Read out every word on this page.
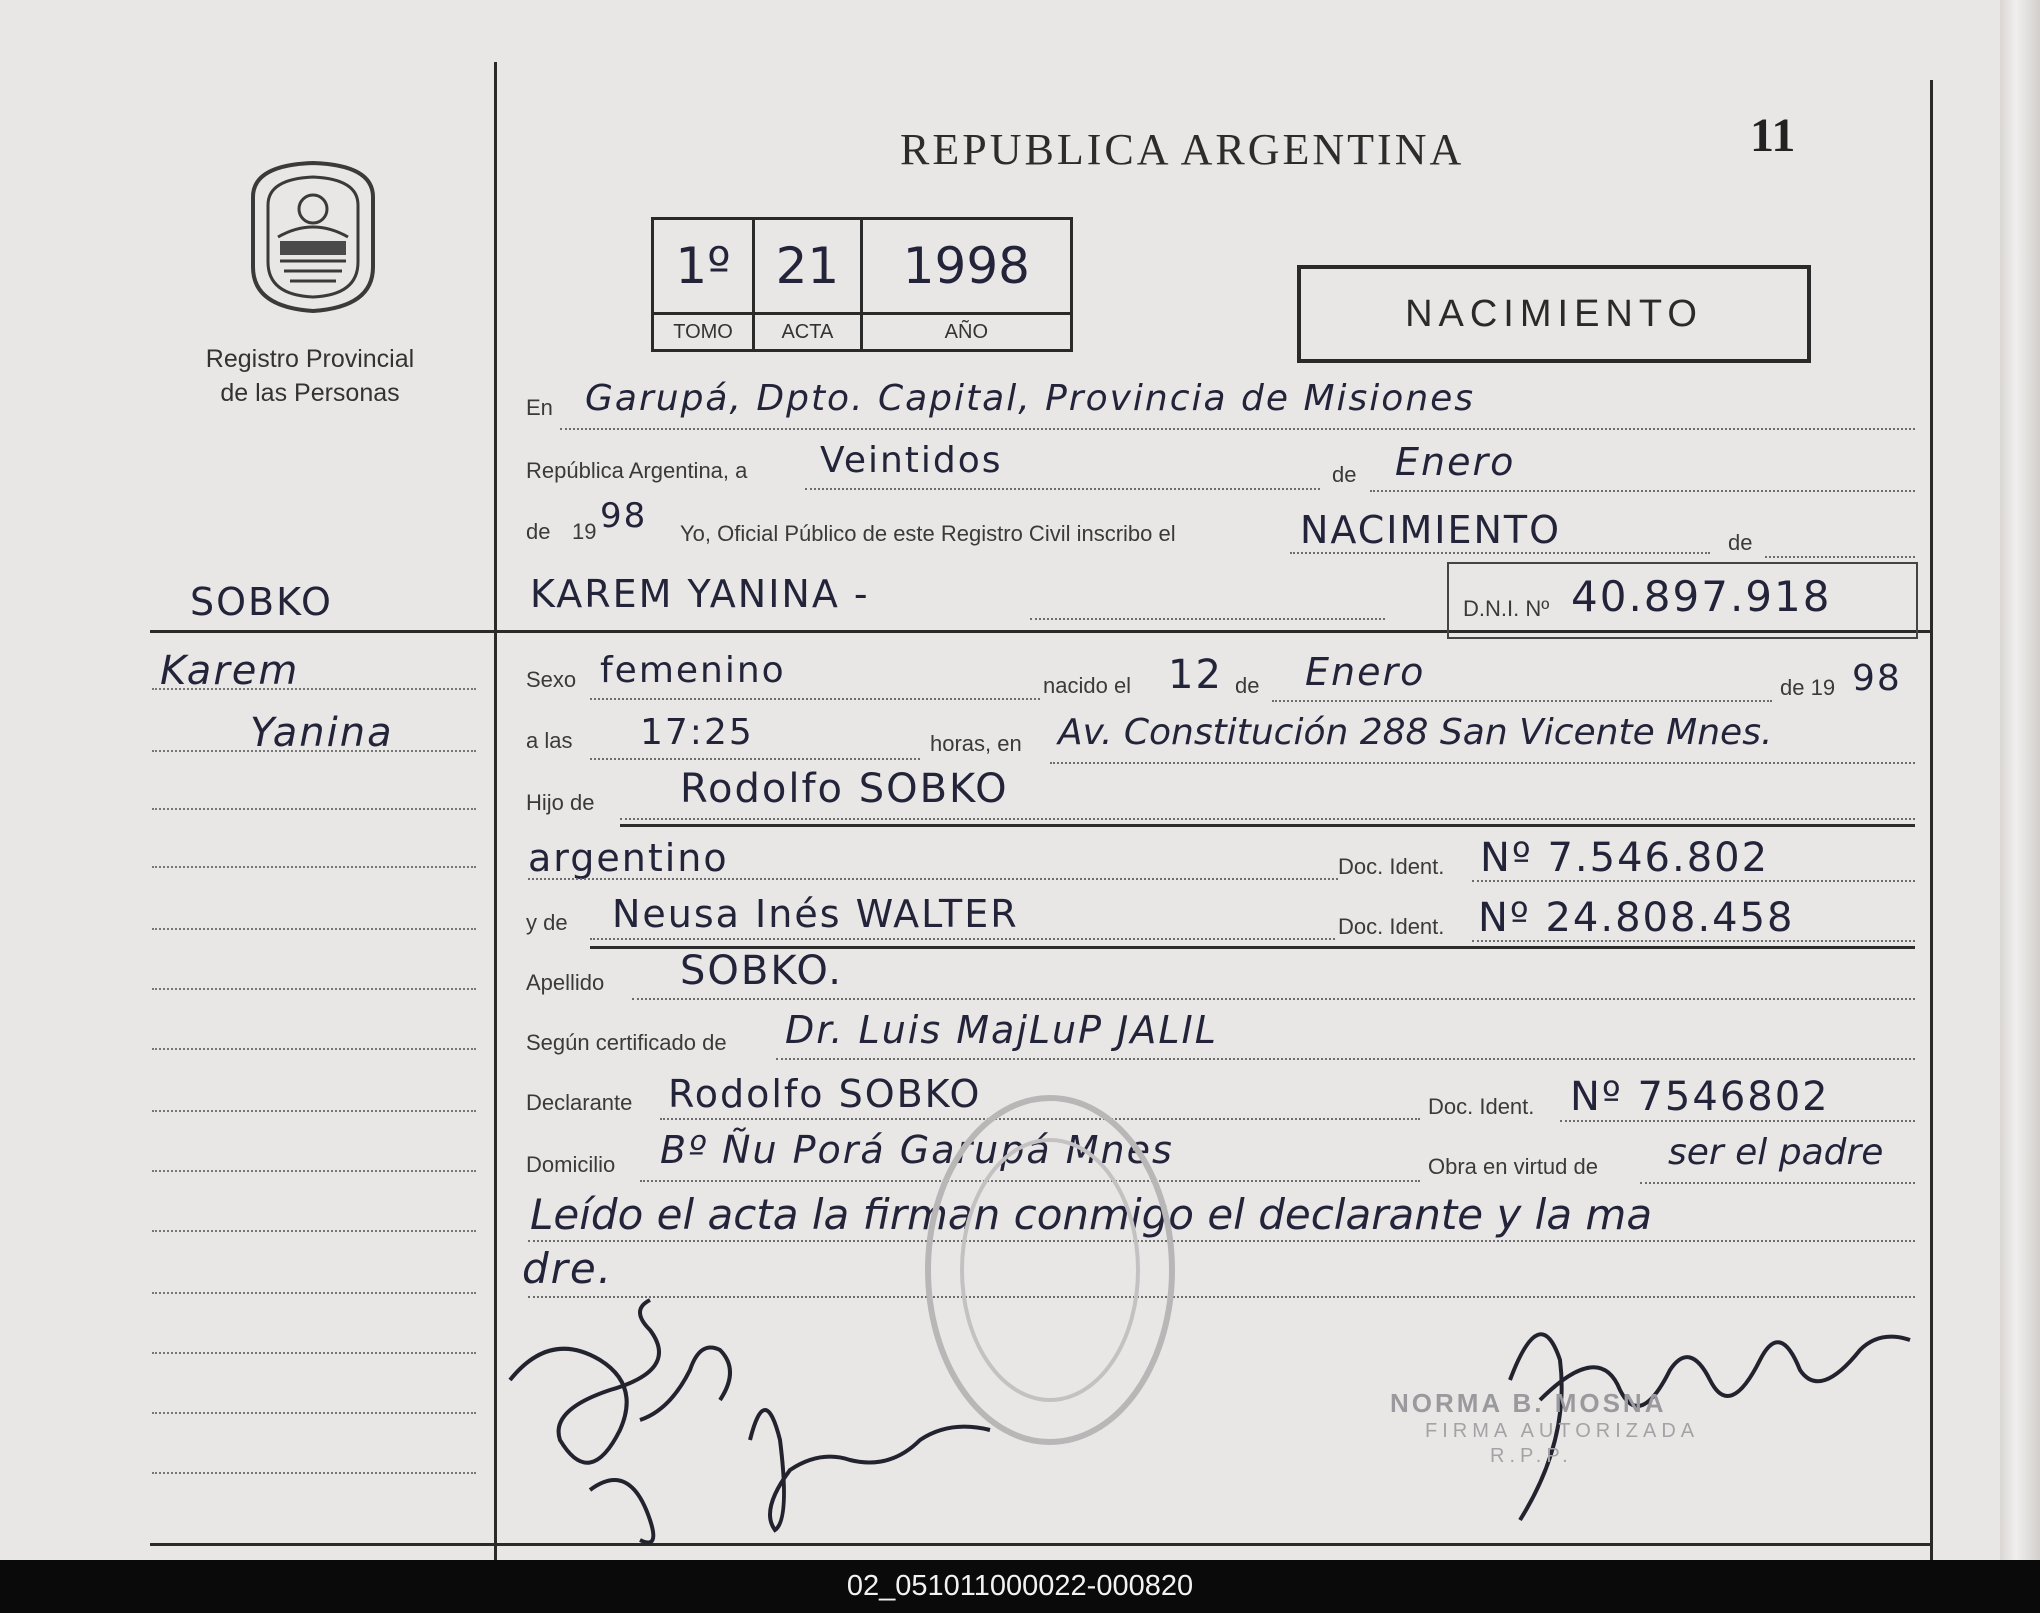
Registro Provincial
de las Personas
REPUBLICA ARGENTINA	11
1º	21	1998
TOMO	ACTA	AÑO	NACIMIENTO
SOBKO
Karem
Yanina
En Garupá, Dpto. Capital, Provincia de Misiones
República Argentina, a Veintidos	de Enero
de 19 98 Yo, Oficial Público de este Registro Civil inscribo el	NACIMIENTO	de
KAREM YANINA -	D.N.I. Nº 40.897.918
Sexo femenino	nacido el 12 de Enero	de 19 98
a las 17:25	horas, en Av. Constitución 288 San Vicente Mnes.
Hijo de Rodolfo SOBKO
argentino	Doc. Ident. Nº 7.546.802
y de Neusa Inés WALTER	Doc. Ident. Nº 24.808.458
Apellido SOBKO.
Según certificado de Dr. Luis MajLuP JALIL
Declarante Rodolfo SOBKO	Doc. Ident. Nº 7546802
Domicilio Bº Ñu Porá Garupá Mnes	Obra en virtud de ser el padre
Leído el acta la firman conmigo el declarante y la ma
dre.
NORMA B. MOSNA
FIRMA AUTORIZADA
R.P.P.
02_051011000022-000820
